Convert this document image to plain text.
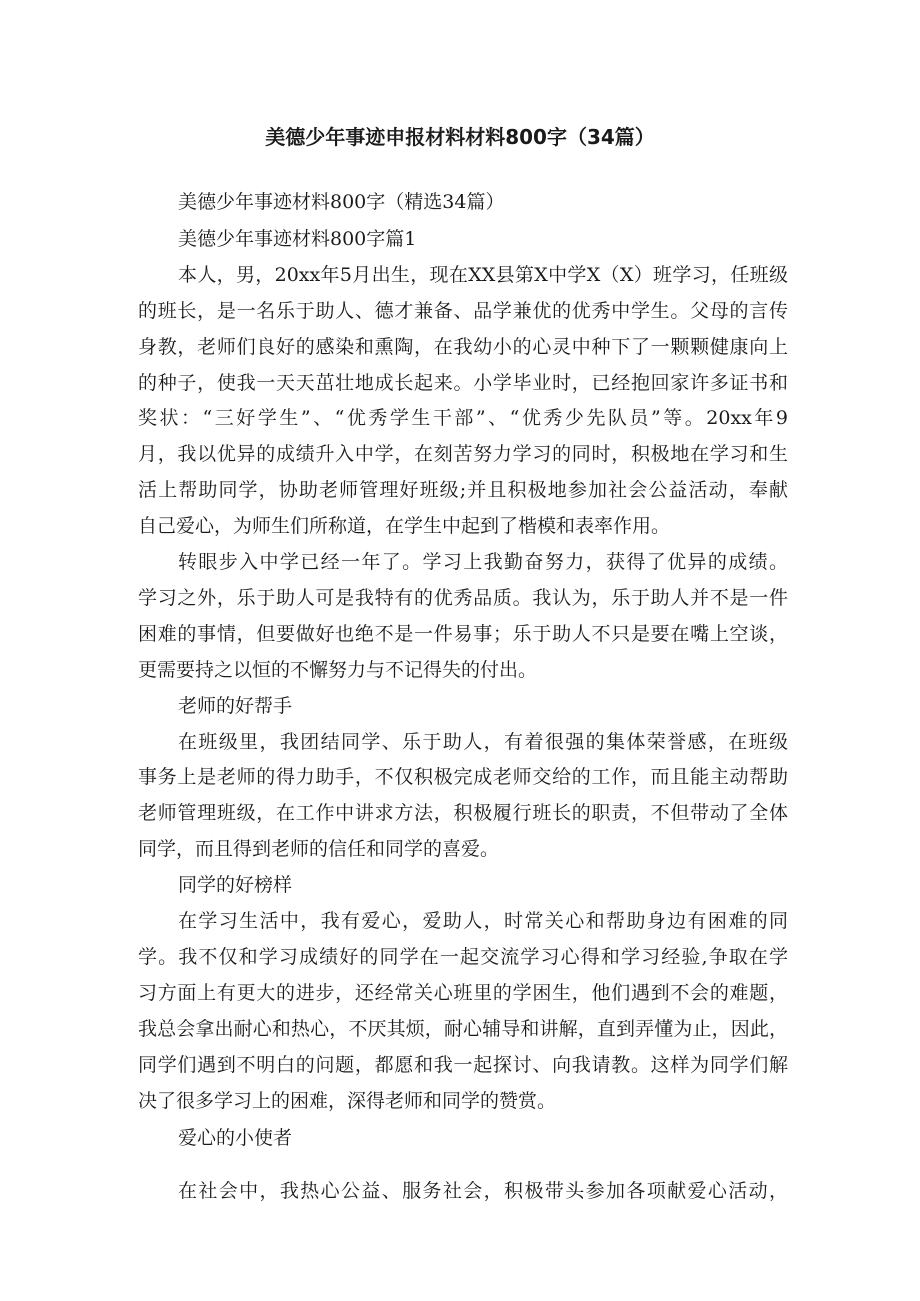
美德少年事迹申报材料材料800字（34篇）
美德少年事迹材料800字（精选34篇）
美德少年事迹材料800字篇1
本人，男，20xx年5月出生，现在XX县第X中学X（X）班学习，任班级
的班长，是一名乐于助人、德才兼备、品学兼优的优秀中学生。父母的言传
身教，老师们良好的感染和熏陶，在我幼小的心灵中种下了一颗颗健康向上
的种子，使我一天天茁壮地成长起来。小学毕业时，已经抱回家许多证书和
奖状：“三好学生”、“优秀学生干部”、“优秀少先队员”等。20xx年9
月，我以优异的成绩升入中学，在刻苦努力学习的同时，积极地在学习和生
活上帮助同学，协助老师管理好班级;并且积极地参加社会公益活动，奉献
自己爱心，为师生们所称道，在学生中起到了楷模和表率作用。
转眼步入中学已经一年了。学习上我勤奋努力，获得了优异的成绩。
学习之外，乐于助人可是我特有的优秀品质。我认为，乐于助人并不是一件
困难的事情，但要做好也绝不是一件易事；乐于助人不只是要在嘴上空谈，
更需要持之以恒的不懈努力与不记得失的付出。
老师的好帮手
在班级里，我团结同学、乐于助人，有着很强的集体荣誉感，在班级
事务上是老师的得力助手，不仅积极完成老师交给的工作，而且能主动帮助
老师管理班级，在工作中讲求方法，积极履行班长的职责，不但带动了全体
同学，而且得到老师的信任和同学的喜爱。
同学的好榜样
在学习生活中，我有爱心，爱助人，时常关心和帮助身边有困难的同
学。我不仅和学习成绩好的同学在一起交流学习心得和学习经验,争取在学
习方面上有更大的进步，还经常关心班里的学困生，他们遇到不会的难题，
我总会拿出耐心和热心，不厌其烦，耐心辅导和讲解，直到弄懂为止，因此，
同学们遇到不明白的问题，都愿和我一起探讨、向我请教。这样为同学们解
决了很多学习上的困难，深得老师和同学的赞赏。
爱心的小使者
在社会中，我热心公益、服务社会，积极带头参加各项献爱心活动，
